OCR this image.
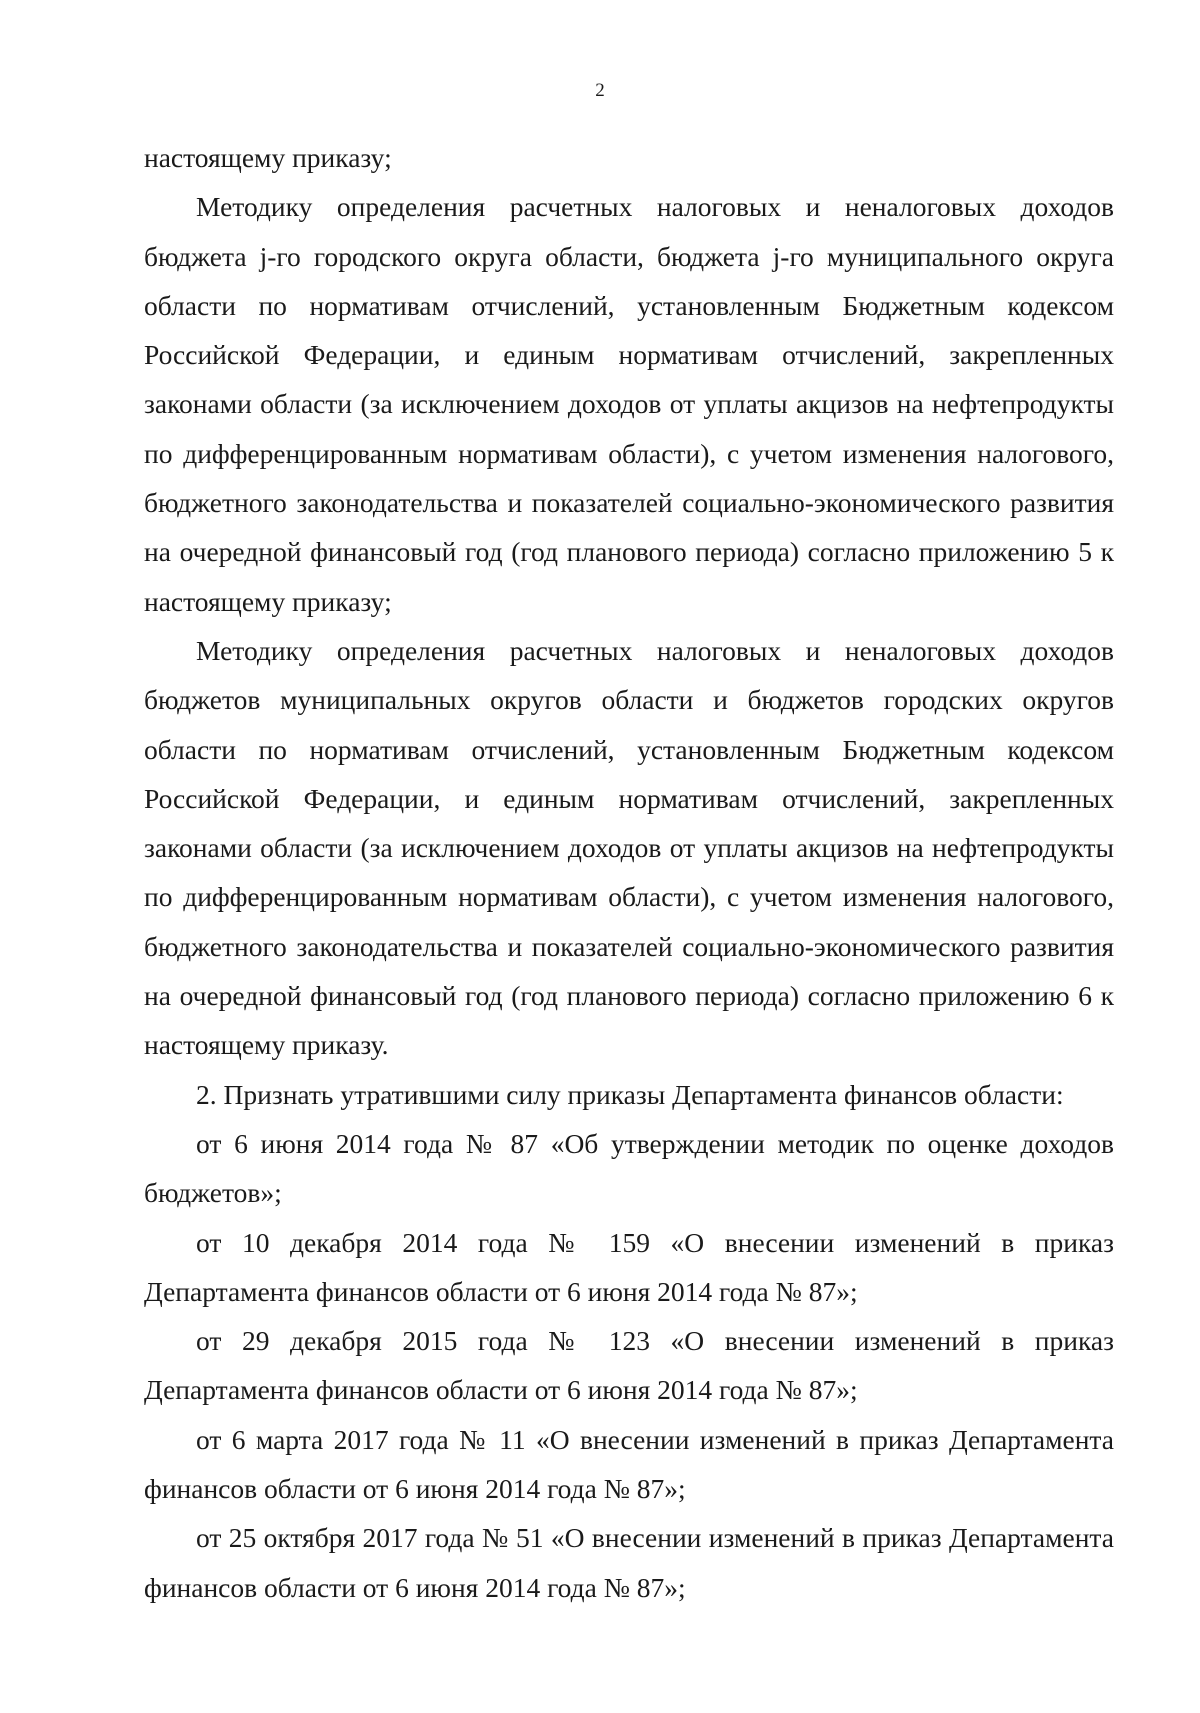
2

настоящему приказу;

Методику определения расчетных налоговых и неналоговых доходов бюджета j-го городского округа области, бюджета j-го муниципального округа области по нормативам отчислений, установленным Бюджетным кодексом Российской Федерации, и единым нормативам отчислений, закрепленных законами области (за исключением доходов от уплаты акцизов на нефтепродукты по дифференцированным нормативам области), с учетом изменения налогового, бюджетного законодательства и показателей социально-экономического развития на очередной финансовый год (год планового периода) согласно приложению 5 к настоящему приказу;

Методику определения расчетных налоговых и неналоговых доходов бюджетов муниципальных округов области и бюджетов городских округов области по нормативам отчислений, установленным Бюджетным кодексом Российской Федерации, и единым нормативам отчислений, закрепленных законами области (за исключением доходов от уплаты акцизов на нефтепродукты по дифференцированным нормативам области), с учетом изменения налогового, бюджетного законодательства и показателей социально-экономического развития на очередной финансовый год (год планового периода) согласно приложению 6 к настоящему приказу.

2. Признать утратившими силу приказы Департамента финансов области:

от 6 июня 2014 года № 87 «Об утверждении методик по оценке доходов бюджетов»;

от 10 декабря 2014 года № 159 «О внесении изменений в приказ Департамента финансов области от 6 июня 2014 года № 87»;

от 29 декабря 2015 года № 123 «О внесении изменений в приказ Департамента финансов области от 6 июня 2014 года № 87»;

от 6 марта 2017 года № 11 «О внесении изменений в приказ Департамента финансов области от 6 июня 2014 года № 87»;

от 25 октября 2017 года № 51 «О внесении изменений в приказ Департамента финансов области от 6 июня 2014 года № 87»;
